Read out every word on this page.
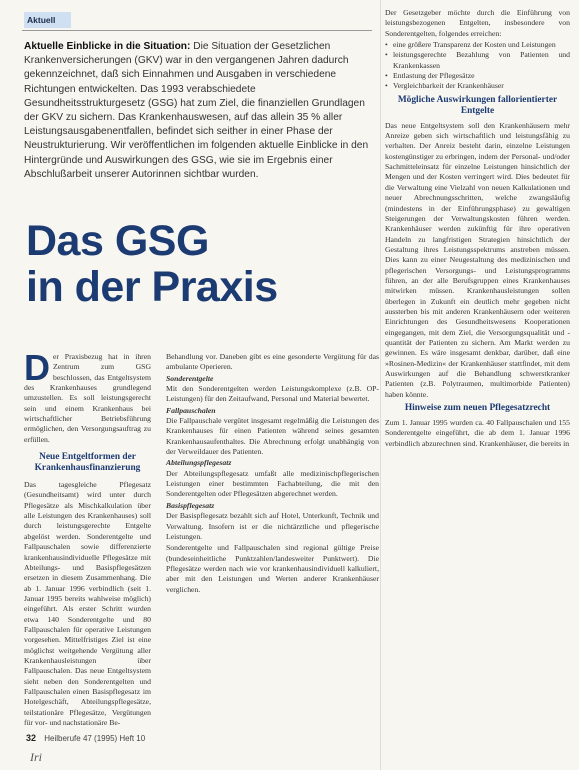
Aktuell

Aktuelle Einblicke in die Situation: Die Situation der Gesetzlichen Krankenversicherungen (GKV) war in den vergangenen Jahren dadurch gekennzeichnet, daß sich Einnahmen und Ausgaben in verschiedene Richtungen entwickelten. Das 1993 verabschiedete Gesundheitsstrukturgesetz (GSG) hat zum Ziel, die finanziellen Grundlagen der GKV zu sichern. Das Krankenhauswesen, auf das allein 35 % aller Leistungsausgabenentfallen, befindet sich seither in einer Phase der Neustrukturierung. Wir veröffentlichen im folgenden aktuelle Einblicke in den Hintergründe und Auswirkungen des GSG, wie sie im Ergebnis einer Abschlußarbeit unserer Autorinnen sichtbar wurden.

Das GSG
in der Praxis

Der Praxisbezug hat in ihren Zentrum zum GSG beschlossen, das Entgeltsystem des Krankenhauses grundlegend umzustellen. Es soll leistungsgerecht sein und einem Krankenhaus bei wirtschaftlicher Betriebsführung ermöglichen, den Versorgungsauftrag zu erfüllen.

Neue Entgeltformen der Krankenhausfinanzierung

Das tagesgleiche Pflegesatz (Gesundheitsamt) wird unter durch Pflegesätze als Mischkalkulation über alle Leistungen des Krankenhauses) soll durch leistungsgerechte Entgelte abgelöst werden. Sonderentgelte und Fallpauschalen sowie differenzierte krankenhausindividuelle Pflegesätze mit Abteilungs- und Basispflegesätzen ersetzen in diesem Zusammenhang. Die ab 1. Januar 1996 verbindlich (seit 1. Januar 1995 bereits wahlweise möglich) eingeführt. Als erster Schritt wurden etwa 140 Sonderentgelte und 80 Fallpauschalen für operative Leistungen vorgesehen. Mittelfristiges Ziel ist eine möglichst weitgehende Vergütung aller Krankenhausleistungen über Fallpauschalen. Das neue Entgeltsystem sieht neben den Sonderentgelten und Fallpauschalen einen Basispflegesatz im Hotelgeschäft, Abteilungspflegesätze, teilstationäre Pflegesätze, Vergütungen für vor- und nachstationäre Be-

Behandlung vor. Daneben gibt es eine gesonderte Vergütung für das ambulante Operieren.

Sonderentgelte

Mit den Sonderentgelten werden Leistungskomplexe (z.B. OP-Leistungen) für den Zeitaufwand, Personal und Material bewertet.

Fallpauschalen

Die Fallpauschale vergütet insgesamt regelmäßig die Leistungen des Krankenhauses für einen Patienten während seines gesamten Krankenhausaufenthaltes. Die Abrechnung erfolgt unabhängig von der Verweildauer des Patienten.

Abteilungspflegesatz

Der Abteilungspflegesatz umfaßt alle medizinischpflegerischen Leistungen einer bestimmten Fachabteilung, die mit den Sonderentgelten oder Pflegesätzen abgerechnet werden.

Basispflegesatz

Der Basispflegesatz bezahlt sich auf Hotel, Unterkunft, Technik und Verwaltung. Insofern ist er die nichtärztliche und pflegerische Leistungen.

Sonderentgelte und Fallpauschalen sind regional gültige Preise (bundeseinheitliche Punktzahlen/landesweiter Punktwert). Die Pflegesätze werden nach wie vor krankenhausindividuell kalkuliert, aber mit den Leistungen und Werten anderer Krankenhäuser verglichen.

Der Gesetzgeber möchte durch die Einführung von leistungsbezogenen Entgelten, insbesondere von Sonderentgelten, folgendes erreichen:

• eine größere Transparenz der Kosten und Leistungen
• leistungsgerechte Bezahlung von Patienten und Krankenkassen
• Entlastung der Pflegesätze
• Vergleichbarkeit der Krankenhäuser
Mögliche Auswirkungen fallorientierter Entgelte

Das neue Entgeltsystem soll den Krankenhäusern mehr Anreize geben sich wirtschaftlich und leistungsfähig zu verhalten. Der Anreiz besteht darin, einzelne Leistungen kostengünstiger zu erbringen, indem der Personal- und/oder Sachmitteleinsatz für einzelne Leistungen hinsichtlich der Mengen und der Kosten verringert wird. Dies bedeutet für die Verwaltung eine Vielzahl von neuen Kalkulationen und neuer Abrechnungsschritten, welche zwangsläufig (mindestens in der Einführungsphase) zu gewaltigen Steigerungen der Verwaltungskosten führen werden. Krankenhäuser werden zukünftig für ihre operativen Handeln zu langfristigen Strategien hinsichtlich der Gestaltung ihres Leistungsspektrums anstreben müssen. Dies kann zu einer Neugestaltung des medizinischen und pflegerischen Versorgungs- und Leistungsprogramms führen, an der alle Berufsgruppen eines Krankenhauses mitwirken müssen. Krankenhausleistungen sollen überlegen in Zukunft ein deutlich mehr gegeben nicht aussterben bis mit anderen Krankenhäusern oder weiteren Einrichtungen des Gesundheitswesens Kooperationen eingegangen, mit dem Ziel, die Versorgungsqualität und -quantität der Patienten zu sichern. Am Markt werden zu gewinnen. Es wäre insgesamt denkbar, darüber, daß eine »Rosinen-Medizin« der Krankenhäuser stattfindet, mit dem Auswirkungen auf die Behandlung schwerstkranker Patienten (z.B. Polytraumen, multimorbide Patienten) haben könnte.

Hinweise zum neuen Pflegesatzrecht

Zum 1. Januar 1995 wurden ca. 40 Fallpauschalen und 155 Sonderentgelte eingeführt, die ab dem 1. Januar 1996 verbindlich abzurechnen sind. Krankenhäuser, die bereits in

32 Heilberufe 47 (1995) Heft 10
Iri
